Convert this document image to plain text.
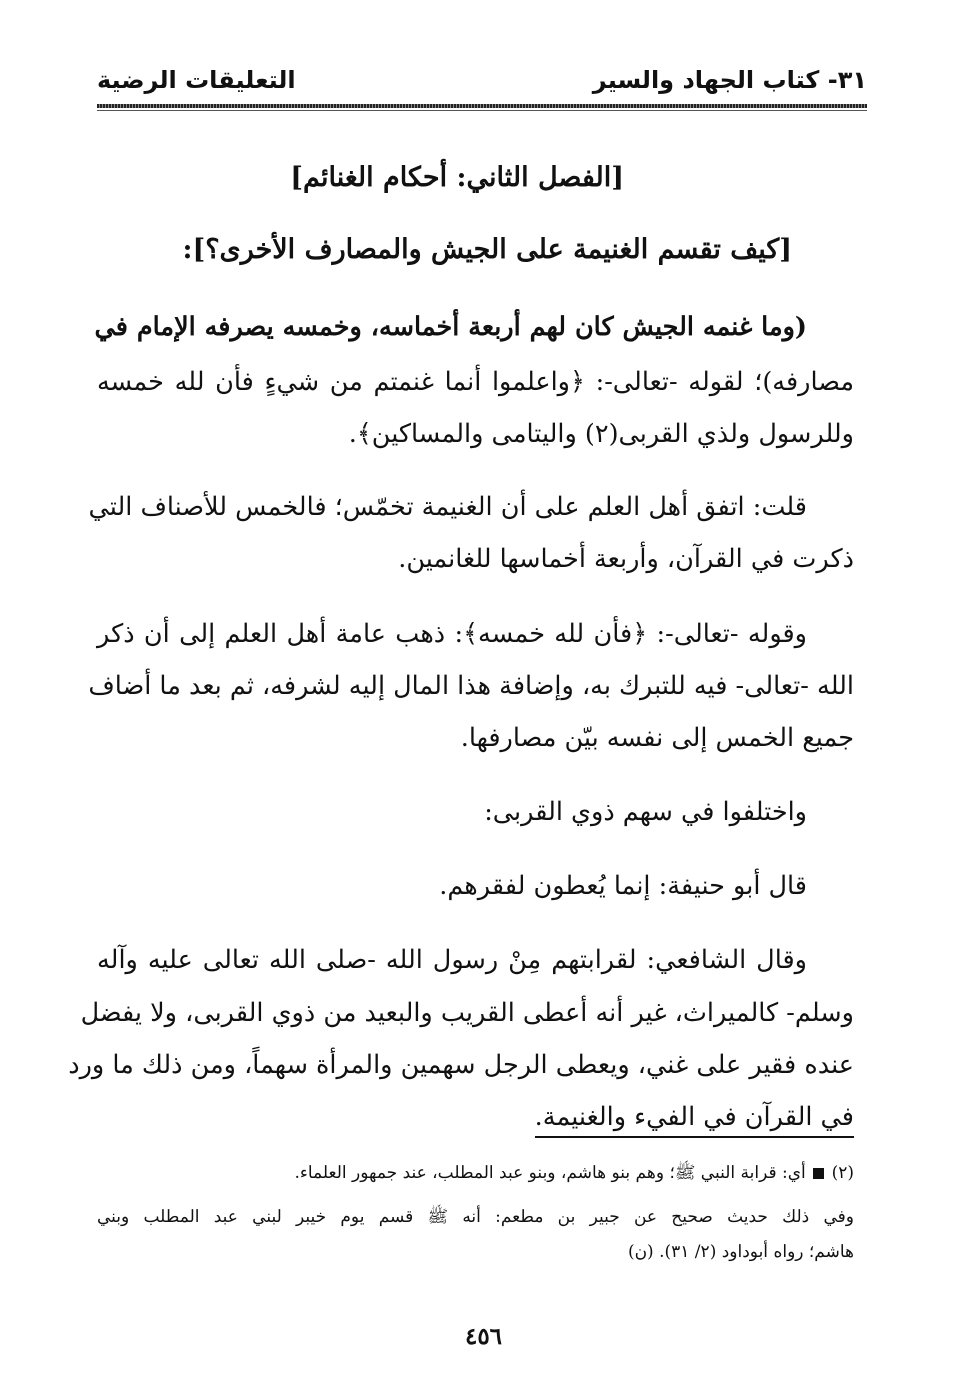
٣١- كتاب الجهاد والسير
التعليقات الرضية
[الفصل الثاني: أحكام الغنائم]
[كيف تقسم الغنيمة على الجيش والمصارف الأخرى؟]:
(وما غنمه الجيش كان لهم أربعة أخماسه، وخمسه يصرفه الإمام في
مصارفه)؛ لقوله -تعالى-: ﴿واعلموا أنما غنمتم من شيءٍ فأن لله خمسه
وللرسول ولذي القربى(٢) واليتامى والمساكين﴾.
قلت: اتفق أهل العلم على أن الغنيمة تخمّس؛ فالخمس للأصناف التي
ذكرت في القرآن، وأربعة أخماسها للغانمين.
وقوله -تعالى-: ﴿فأن لله خمسه﴾: ذهب عامة أهل العلم إلى أن ذكر
الله -تعالى- فيه للتبرك به، وإضافة هذا المال إليه لشرفه، ثم بعد ما أضاف
جميع الخمس إلى نفسه بيّن مصارفها.
واختلفوا في سهم ذوي القربى:
قال أبو حنيفة: إنما يُعطون لفقرهم.
وقال الشافعي: لقرابتهم مِنْ رسول الله -صلى الله تعالى عليه وآله
وسلم- كالميراث، غير أنه أعطى القريب والبعيد من ذوي القربى، ولا يفضل
عنده فقير على غني، ويعطى الرجل سهمين والمرأة سهماً، ومن ذلك ما ورد
في القرآن في الفيء والغنيمة.
(٢)  أي: قرابة النبي ﷺ؛ وهم بنو هاشم، وبنو عبد المطلب، عند جمهور العلماء.
وفي ذلك حديث صحيح عن جبير بن مطعم: أنه ﷺ قسم يوم خيبر لبني عبد المطلب وبني
هاشم؛ رواه أبوداود (٢/ ٣١). (ن)
٤٥٦
